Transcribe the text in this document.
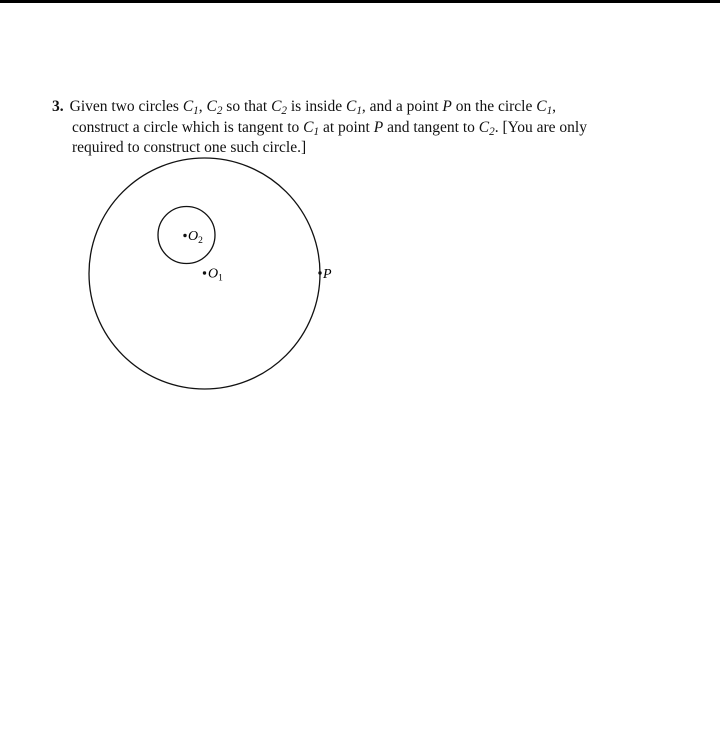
3. Given two circles $C_1$, $C_2$ so that $C_2$ is inside $C_1$, and a point P on the circle $C_1$,
construct a circle which is tangent to $C_1$ at point P and tangent to $C_2$. [You are only
required to construct one such circle.]
$O_2$
$O_1$	P
